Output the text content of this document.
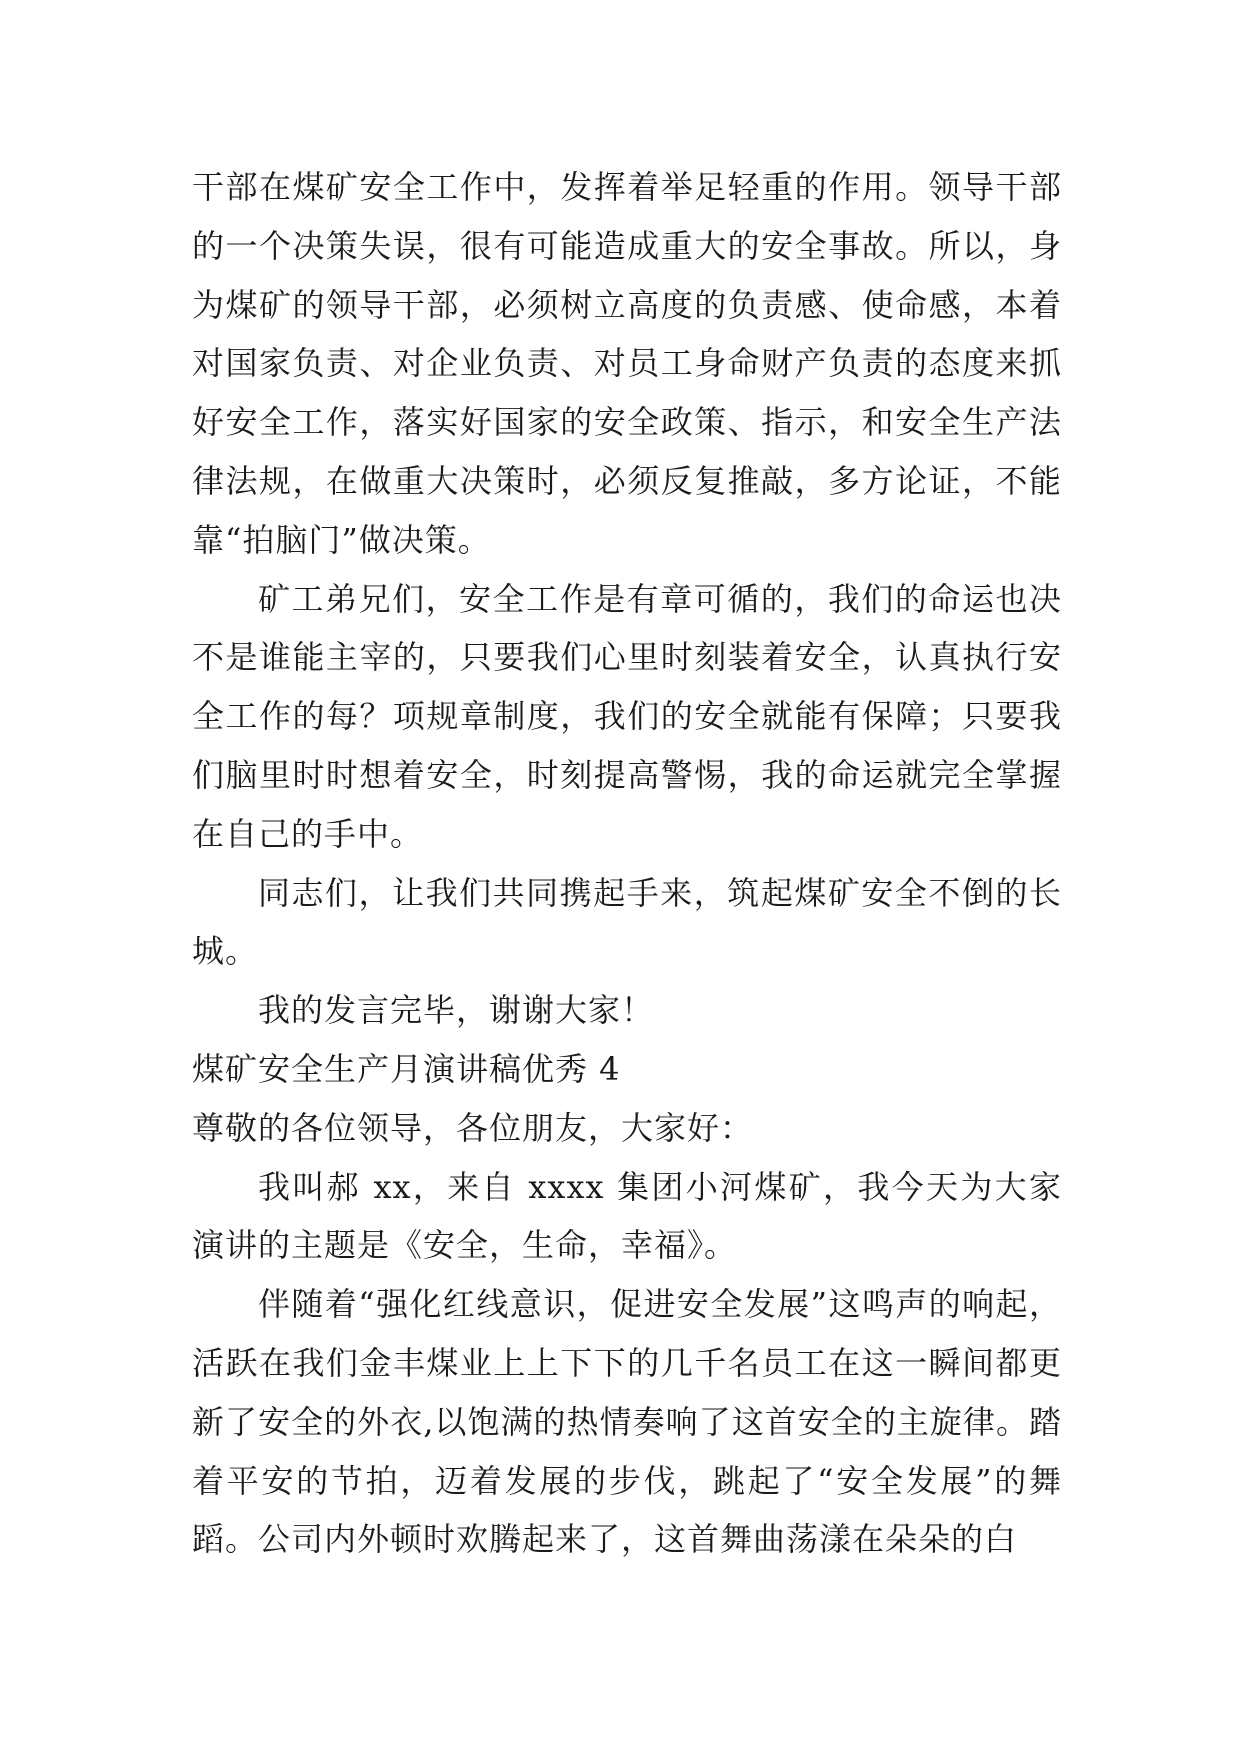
干部在煤矿安全工作中，发挥着举足轻重的作用。领导干部的一个决策失误，很有可能造成重大的安全事故。所以，身为煤矿的领导干部，必须树立高度的负责感、使命感，本着对国家负责、对企业负责、对员工身命财产负责的态度来抓好安全工作，落实好国家的安全政策、指示，和安全生产法律法规，在做重大决策时，必须反复推敲，多方论证，不能靠“拍脑门”做决策。

矿工弟兄们，安全工作是有章可循的，我们的命运也决不是谁能主宰的，只要我们心里时刻装着安全，认真执行安全工作的每？项规章制度，我们的安全就能有保障；只要我们脑里时时想着安全，时刻提高警惕，我的命运就完全掌握在自己的手中。

同志们，让我们共同携起手来，筑起煤矿安全不倒的长城。

我的发言完毕，谢谢大家！

煤矿安全生产月演讲稿优秀 4

尊敬的各位领导，各位朋友，大家好：

我叫郝 xx，来自 xxxx 集团小河煤矿，我今天为大家演讲的主题是《安全，生命，幸福》。

伴随着“强化红线意识，促进安全发展”这鸣声的响起，活跃在我们金丰煤业上上下下的几千名员工在这一瞬间都更新了安全的外衣,以饱满的热情奏响了这首安全的主旋律。踏着平安的节拍，迈着发展的步伐，跳起了“安全发展”的舞蹈。公司内外顿时欢腾起来了，这首舞曲荡漾在朵朵的白
